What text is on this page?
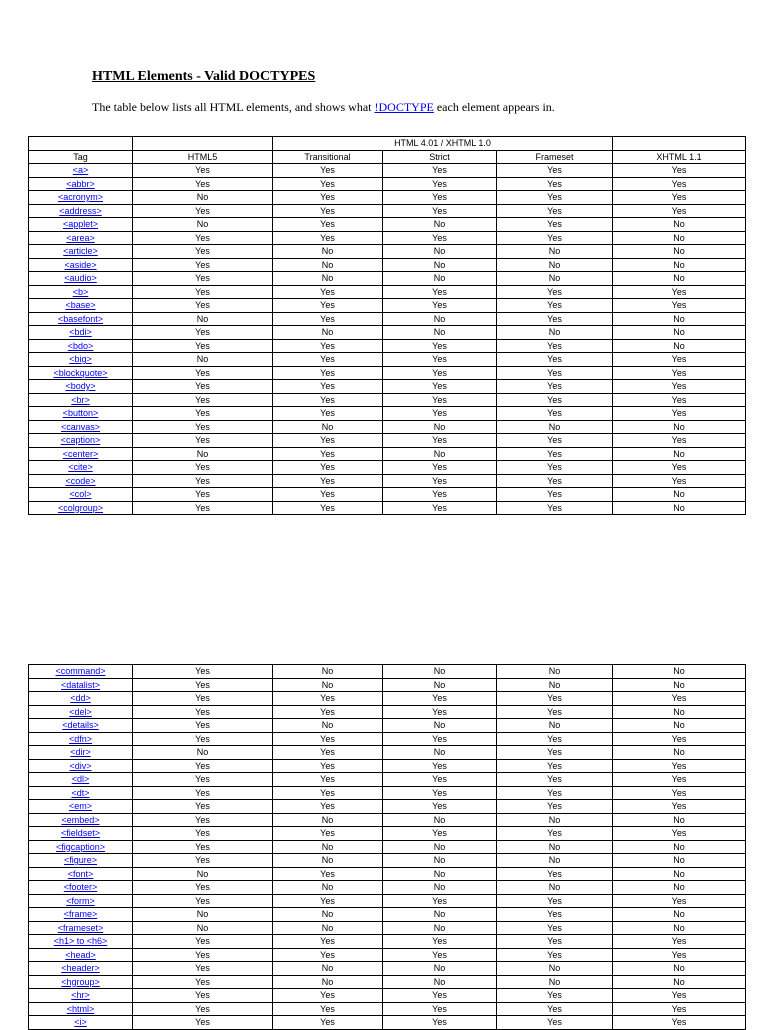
HTML Elements - Valid DOCTYPES
The table below lists all HTML elements, and shows what !DOCTYPE each element appears in.
		HTML 4.01 / XHTML 1.0			
Tag	HTML5	Transitional	Strict	Frameset	XHTML 1.1
<a>	Yes	Yes	Yes	Yes	Yes
<abbr>	Yes	Yes	Yes	Yes	Yes
<acronym>	No	Yes	Yes	Yes	Yes
<address>	Yes	Yes	Yes	Yes	Yes
<applet>	No	Yes	No	Yes	No
<area>	Yes	Yes	Yes	Yes	No
<article>	Yes	No	No	No	No
<aside>	Yes	No	No	No	No
<audio>	Yes	No	No	No	No
<b>	Yes	Yes	Yes	Yes	Yes
<base>	Yes	Yes	Yes	Yes	Yes
<basefont>	No	Yes	No	Yes	No
<bdi>	Yes	No	No	No	No
<bdo>	Yes	Yes	Yes	Yes	No
<big>	No	Yes	Yes	Yes	Yes
<blockquote>	Yes	Yes	Yes	Yes	Yes
<body>	Yes	Yes	Yes	Yes	Yes
<br>	Yes	Yes	Yes	Yes	Yes
<button>	Yes	Yes	Yes	Yes	Yes
<canvas>	Yes	No	No	No	No
<caption>	Yes	Yes	Yes	Yes	Yes
<center>	No	Yes	No	Yes	No
<cite>	Yes	Yes	Yes	Yes	Yes
<code>	Yes	Yes	Yes	Yes	Yes
<col>	Yes	Yes	Yes	Yes	No
<colgroup>	Yes	Yes	Yes	Yes	No
<command>	Yes	No	No	No	No
<datalist>	Yes	No	No	No	No
<dd>	Yes	Yes	Yes	Yes	Yes
<del>	Yes	Yes	Yes	Yes	No
<details>	Yes	No	No	No	No
<dfn>	Yes	Yes	Yes	Yes	Yes
<dir>	No	Yes	No	Yes	No
<div>	Yes	Yes	Yes	Yes	Yes
<dl>	Yes	Yes	Yes	Yes	Yes
<dt>	Yes	Yes	Yes	Yes	Yes
<em>	Yes	Yes	Yes	Yes	Yes
<embed>	Yes	No	No	No	No
<fieldset>	Yes	Yes	Yes	Yes	Yes
<figcaption>	Yes	No	No	No	No
<figure>	Yes	No	No	No	No
<font>	No	Yes	No	Yes	No
<footer>	Yes	No	No	No	No
<form>	Yes	Yes	Yes	Yes	Yes
<frame>	No	No	No	Yes	No
<frameset>	No	No	No	Yes	No
<h1> to <h6>	Yes	Yes	Yes	Yes	Yes
<head>	Yes	Yes	Yes	Yes	Yes
<header>	Yes	No	No	No	No
<hgroup>	Yes	No	No	No	No
<hr>	Yes	Yes	Yes	Yes	Yes
<html>	Yes	Yes	Yes	Yes	Yes
<i>	Yes	Yes	Yes	Yes	Yes
